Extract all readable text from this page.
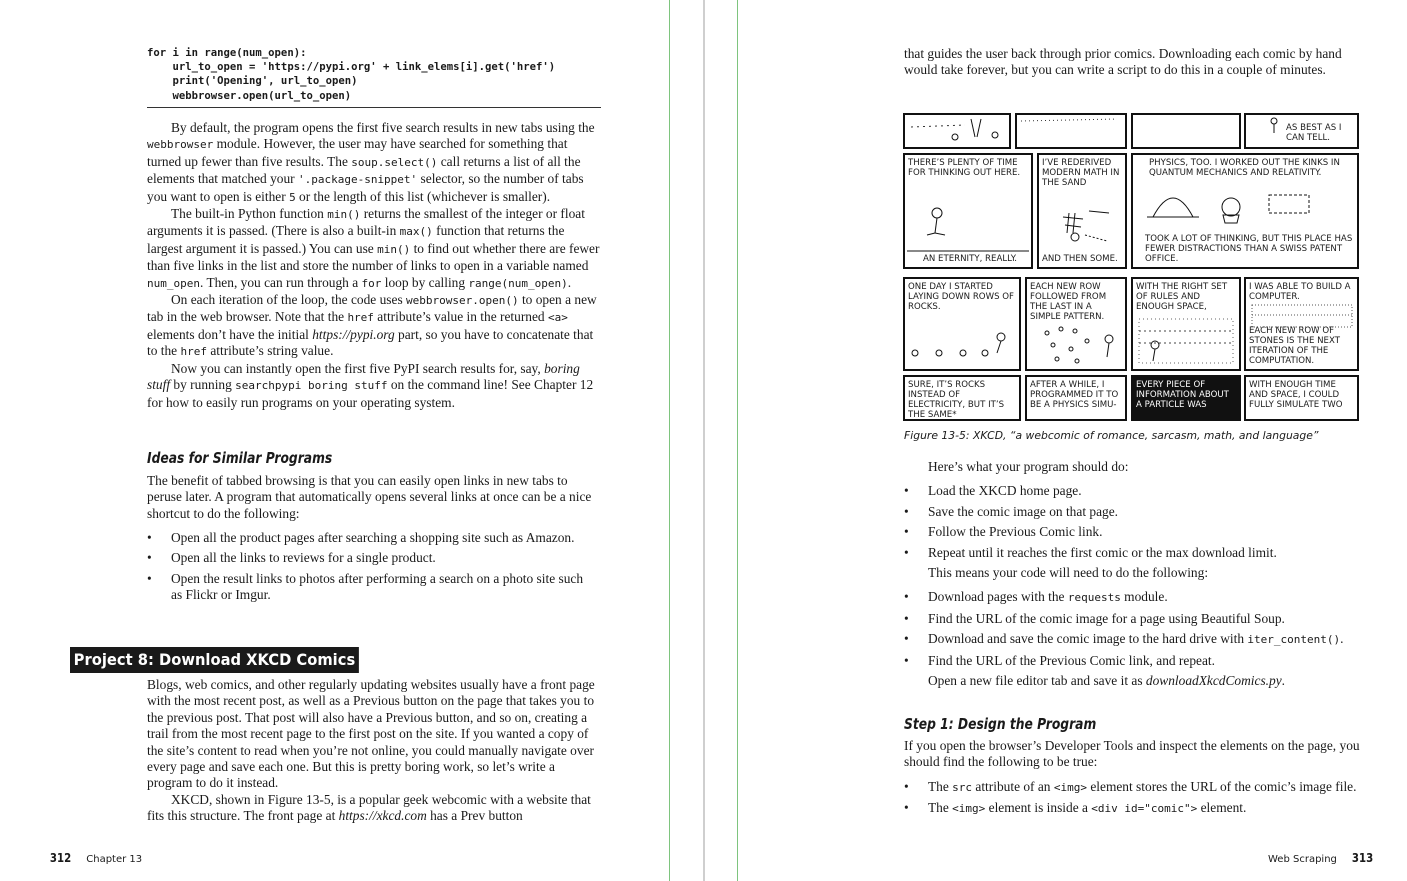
for i in range(num_open):
url_to_open = 'https://pypi.org' + link_elems[i].get('href')
print('Opening', url_to_open)
webbrowser.open(url_to_open)

By default, the program opens the first five search results in new tabs using the webbrowser module. However, the user may have searched for something that turned up fewer than five results. The soup.select() call returns a list of all the elements that matched your '.package-snippet' selector, so the number of tabs you want to open is either 5 or the length of this list (whichever is smaller).

The built-in Python function min() returns the smallest of the integer or float arguments it is passed. (There is also a built-in max() function that returns the largest argument it is passed.) You can use min() to find out whether there are fewer than five links in the list and store the number of links to open in a variable named num_open. Then, you can run through a for loop by calling range(num_open).

On each iteration of the loop, the code uses webbrowser.open() to open a new tab in the web browser. Note that the href attribute’s value in the returned <a> elements don’t have the initial https://pypi.org part, so you have to concatenate that to the href attribute’s string value.

Now you can instantly open the first five PyPI search results for, say, boring stuff by running searchpypi boring stuff on the command line! See Chapter 12 for how to easily run programs on your operating system.

Ideas for Similar Programs

The benefit of tabbed browsing is that you can easily open links in new tabs to peruse later. A program that automatically opens several links at once can be a nice shortcut to do the following:

• Open all the product pages after searching a shopping site such as Amazon.
• Open all the links to reviews for a single product.
• Open the result links to photos after performing a search on a photo site such as Flickr or Imgur.
Project 8: Download XKCD Comics

Blogs, web comics, and other regularly updating websites usually have a front page with the most recent post, as well as a Previous button on the page that takes you to the previous post. That post will also have a Previous button, and so on, creating a trail from the most recent page to the first post on the site. If you wanted a copy of the site’s content to read when you’re not online, you could manually navigate over every page and save each one. But this is pretty boring work, so let’s write a program to do it instead.

XKCD, shown in Figure 13-5, is a popular geek webcomic with a website that fits this structure. The front page at https://xkcd.com has a Prev button

312 Chapter 13

that guides the user back through prior comics. Downloading each comic by hand would take forever, but you can write a script to do this in a couple of minutes.

AS BEST AS I CAN TELL.
THERE’S PLENTY OF TIME FOR THINKING OUT HERE.
AN ETERNITY, REALLY.
I’VE REDERIVED MODERN MATH IN THE SAND
AND THEN SOME.
PHYSICS, TOO. I WORKED OUT THE KINKS IN QUANTUM MECHANICS AND RELATIVITY.
TOOK A LOT OF THINKING, BUT THIS PLACE HAS FEWER DISTRACTIONS THAN A SWISS PATENT OFFICE.
ONE DAY I STARTED LAYING DOWN ROWS OF ROCKS.
EACH NEW ROW FOLLOWED FROM THE LAST IN A SIMPLE PATTERN.
WITH THE RIGHT SET OF RULES AND ENOUGH SPACE,
I WAS ABLE TO BUILD A COMPUTER.
EACH NEW ROW OF STONES IS THE NEXT ITERATION OF THE COMPUTATION.
SURE, IT’S ROCKS INSTEAD OF ELECTRICITY, BUT IT’S THE SAME*
AFTER A WHILE, I PROGRAMMED IT TO BE A PHYSICS SIMU-
EVERY PIECE OF INFORMATION ABOUT A PARTICLE WAS
WITH ENOUGH TIME AND SPACE, I COULD FULLY SIMULATE TWO
Figure 13-5: XKCD, “a webcomic of romance, sarcasm, math, and language”

Here’s what your program should do:

• Load the XKCD home page.
• Save the comic image on that page.
• Follow the Previous Comic link.
• Repeat until it reaches the first comic or the max download limit.

This means your code will need to do the following:

• Download pages with the requests module.
• Find the URL of the comic image for a page using Beautiful Soup.
• Download and save the comic image to the hard drive with iter_content().
• Find the URL of the Previous Comic link, and repeat.

Open a new file editor tab and save it as downloadXkcdComics.py.

Step 1: Design the Program

If you open the browser’s Developer Tools and inspect the elements on the page, you should find the following to be true:

• The src attribute of an <img> element stores the URL of the comic’s image file.
• The <img> element is inside a <div id="comic"> element.
Web Scraping 313
